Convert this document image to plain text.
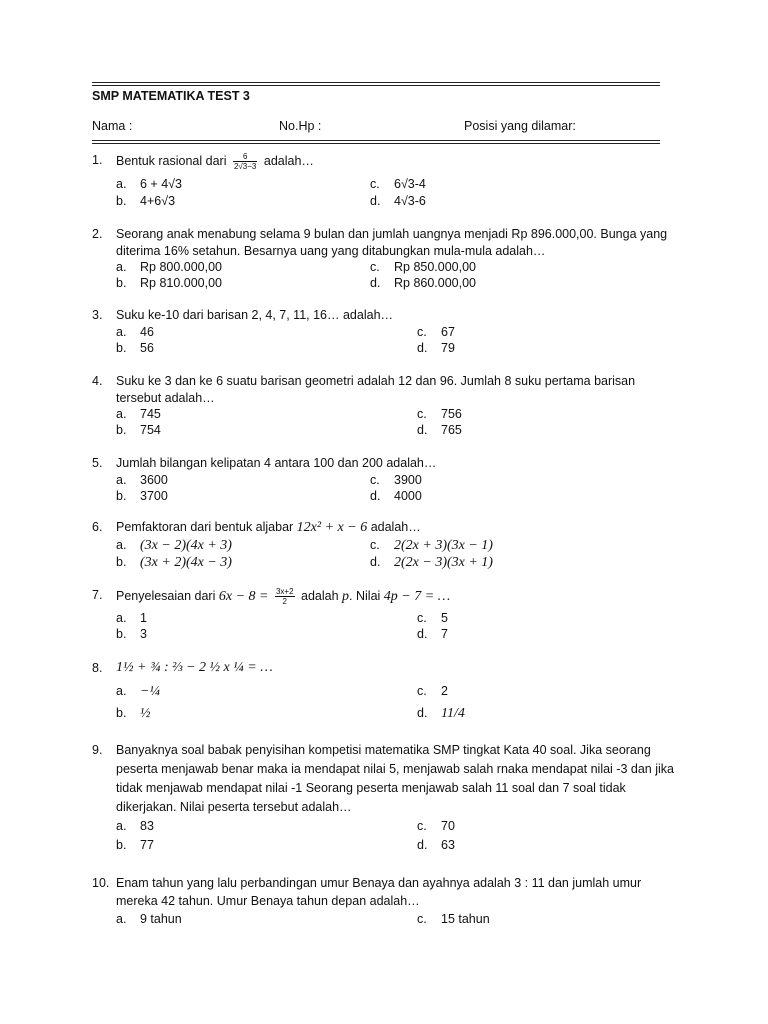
SMP MATEMATIKA TEST 3
Nama :	No.Hp :	Posisi yang dilamar:
1.	Bentuk rasional dari $\frac{6}{2√3-3}$ adalah…
a. 6 + 4√3
b. 4+6√3
c. 6√3-4
d. 4√3-6
2.	Seorang anak menabung selama 9 bulan dan jumlah uangnya menjadi Rp 896.000,00. Bunga yang diterima 16% setahun. Besarnya uang yang ditabungkan mula-mula adalah…
a. Rp 800.000,00
b. Rp 810.000,00
c. Rp 850.000,00
d. Rp 860.000,00
3.	Suku ke-10 dari barisan 2, 4, 7, 11, 16… adalah…
a. 46
b. 56
c. 67
d. 79
4.	Suku ke 3 dan ke 6 suatu barisan geometri adalah 12 dan 96. Jumlah 8 suku pertama barisan tersebut adalah…
a. 745
b. 754
c. 756
d. 765
5.	Jumlah bilangan kelipatan 4 antara 100 dan 200 adalah…
a. 3600
b. 3700
c. 3900
d. 4000
6.	Pemfaktoran dari bentuk aljabar 12x² + x − 6 adalah…
a. (3x − 2)(4x + 3)
b. (3x + 2)(4x − 3)
c. 2(2x + 3)(3x − 1)
d. 2(2x − 3)(3x + 1)
7.	Penyelesaian dari $6x - 8 = \frac{3x+2}{2}$ adalah p. Nilai 4p − 7 = …
a. 1
b. 3
c. 5
d. 7
8. 1½ + ¾ : ⅔ − 2 ½ x ¼ = …
a. −¼
b. ½
c. 2
d. 11/4
9.	Banyaknya soal babak penyisihan kompetisi matematika SMP tingkat Kata 40 soal. Jika seorang peserta menjawab benar maka ia mendapat nilai 5, menjawab salah rnaka mendapat nilai -3 dan jika tidak menjawab mendapat nilai -1 Seorang peserta menjawab salah 11 soal dan 7 soal tidak dikerjakan. Nilai peserta tersebut adalah…
a. 83
b. 77
c. 70
d. 63
10. Enam tahun yang lalu perbandingan umur Benaya dan ayahnya adalah 3 : 11 dan jumlah umur mereka 42 tahun. Umur Benaya tahun depan adalah…
a. 9 tahun	c. 15 tahun
